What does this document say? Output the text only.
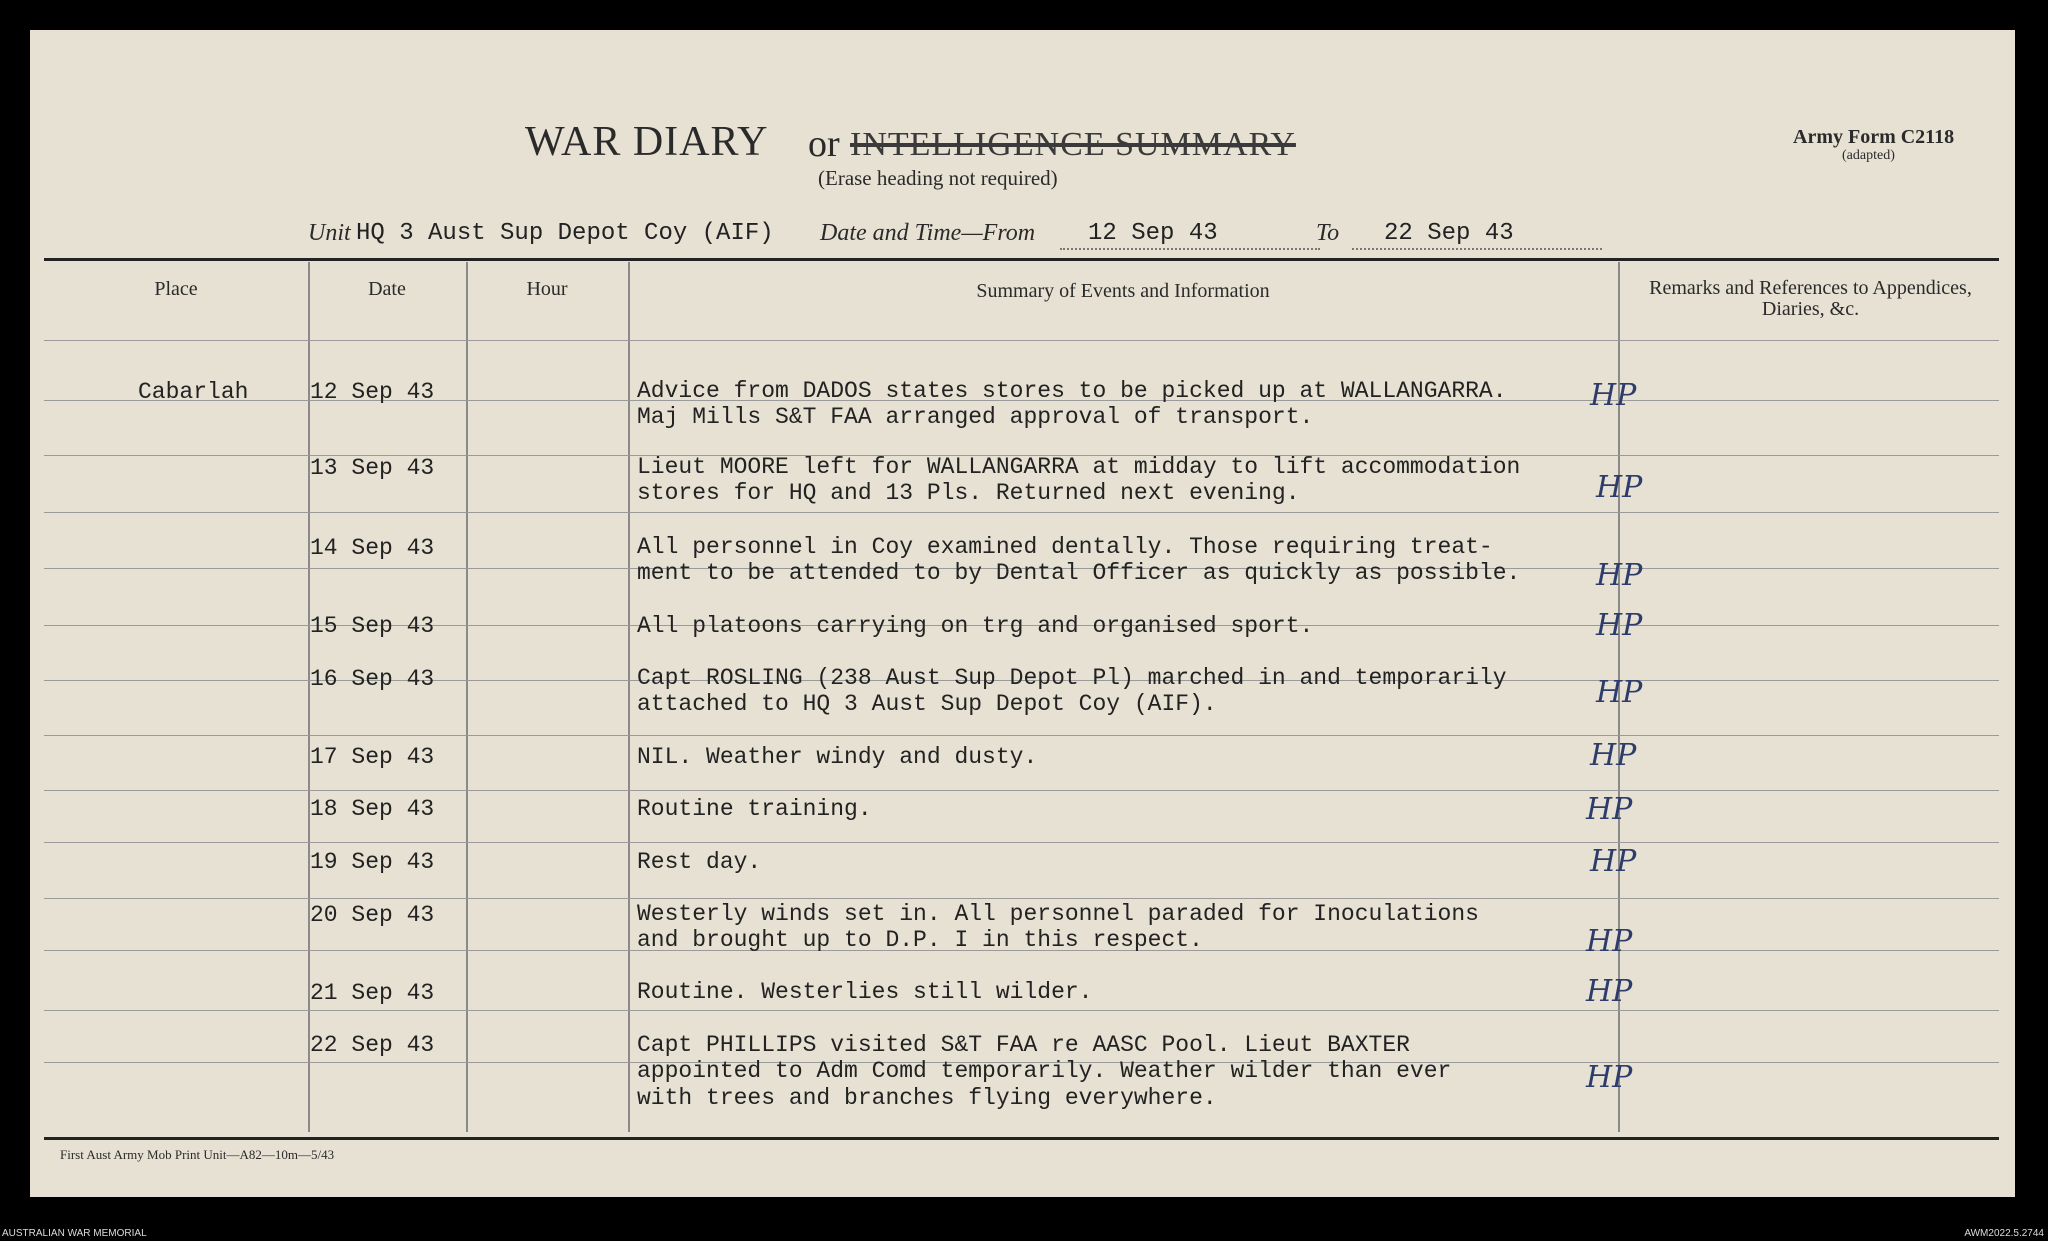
WAR DIARY or INTELLIGENCE SUMMARY
(Erase heading not required)
Army Form C2118
(adapted)
Unit HQ 3 Aust Sup Depot Coy (AIF) Date and Time—From 12 Sep 43	To 22 Sep 43
Place	Date	Hour	Summary of Events and Information	Remarks and References to Appendices, Diaries, &c.
Cabarlah	12 Sep 43	Advice from DADOS states stores to be picked up at WALLANGARRA.
Maj Mills S&T FAA arranged approval of transport.
HP
13 Sep 43	Lieut MOORE left for WALLANGARRA at midday to lift accommodation
stores for HQ and 13 Pls. Returned next evening.	HP
14 Sep 43	All personnel in Coy examined dentally. Those requiring treat-
ment to be attended to by Dental Officer as quickly as possible.	HP
15 Sep 43	All platoons carrying on trg and organised sport.	HP
16 Sep 43	Capt ROSLING (238 Aust Sup Depot Pl) marched in and temporarily
attached to HQ 3 Aust Sup Depot Coy (AIF).	HP
17 Sep 43	NIL. Weather windy and dusty.	HP
18 Sep 43	Routine training.	HP
19 Sep 43	Rest day.	HP
20 Sep 43	Westerly winds set in. All personnel paraded for Inoculations
and brought up to D.P. I in this respect.	HP
21 Sep 43	Routine. Westerlies still wilder.	HP
22 Sep 43	Capt PHILLIPS visited S&T FAA re AASC Pool. Lieut BAXTER
appointed to Adm Comd temporarily. Weather wilder than ever
with trees and branches flying everywhere.
HP
First Aust Army Mob Print Unit—A82—10m—5/43
AUSTRALIAN WAR MEMORIAL	AWM2022.5.2744
